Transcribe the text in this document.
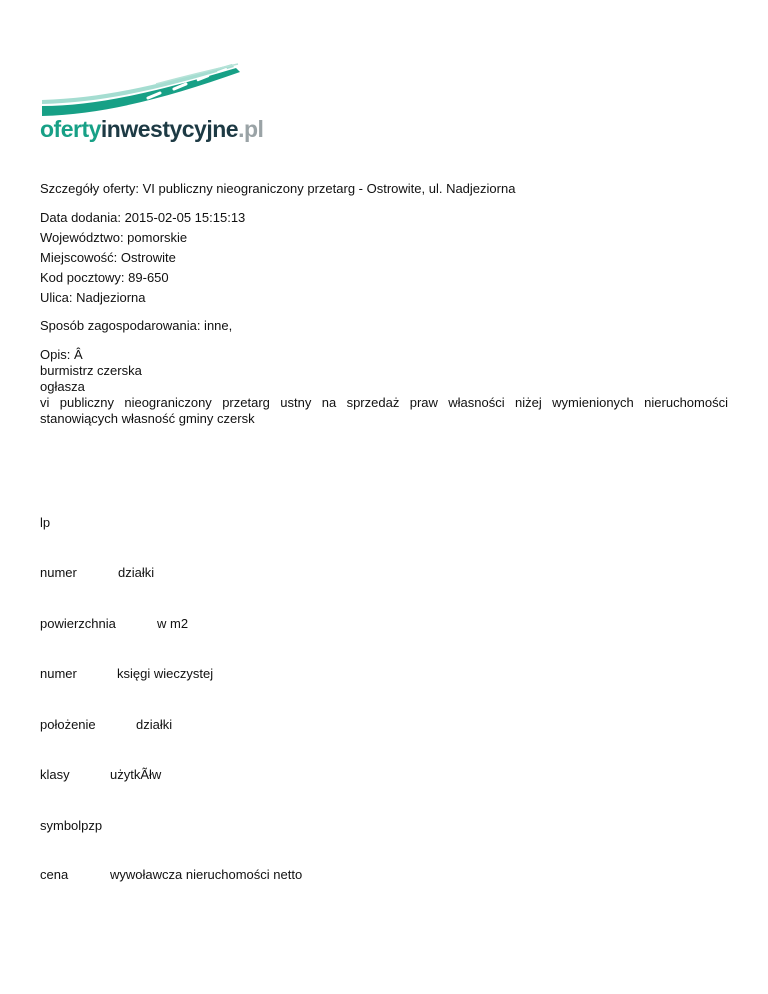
ofertyinwestycyjne.pl
Szczegóły oferty: VI publiczny nieograniczony przetarg - Ostrowite, ul. Nadjeziorna
Data dodania: 2015-02-05 15:15:13
Województwo: pomorskie
Miejscowość: Ostrowite
Kod pocztowy: 89-650
Ulica: Nadjeziorna
Sposób zagospodarowania: inne,
Opis: Â
burmistrz czerska
ogłasza
vi publiczny nieograniczony przetarg ustny na sprzedaż praw własności niżej wymienionych nieruchomości stanowiących własność gminy czersk
lp
numer	działki
powierzchnia	w m2
numer	księgi wieczystej
położenie	działki
klasy	użytkÃłw
symbolpzp
cena	wywoławcza nieruchomości netto
